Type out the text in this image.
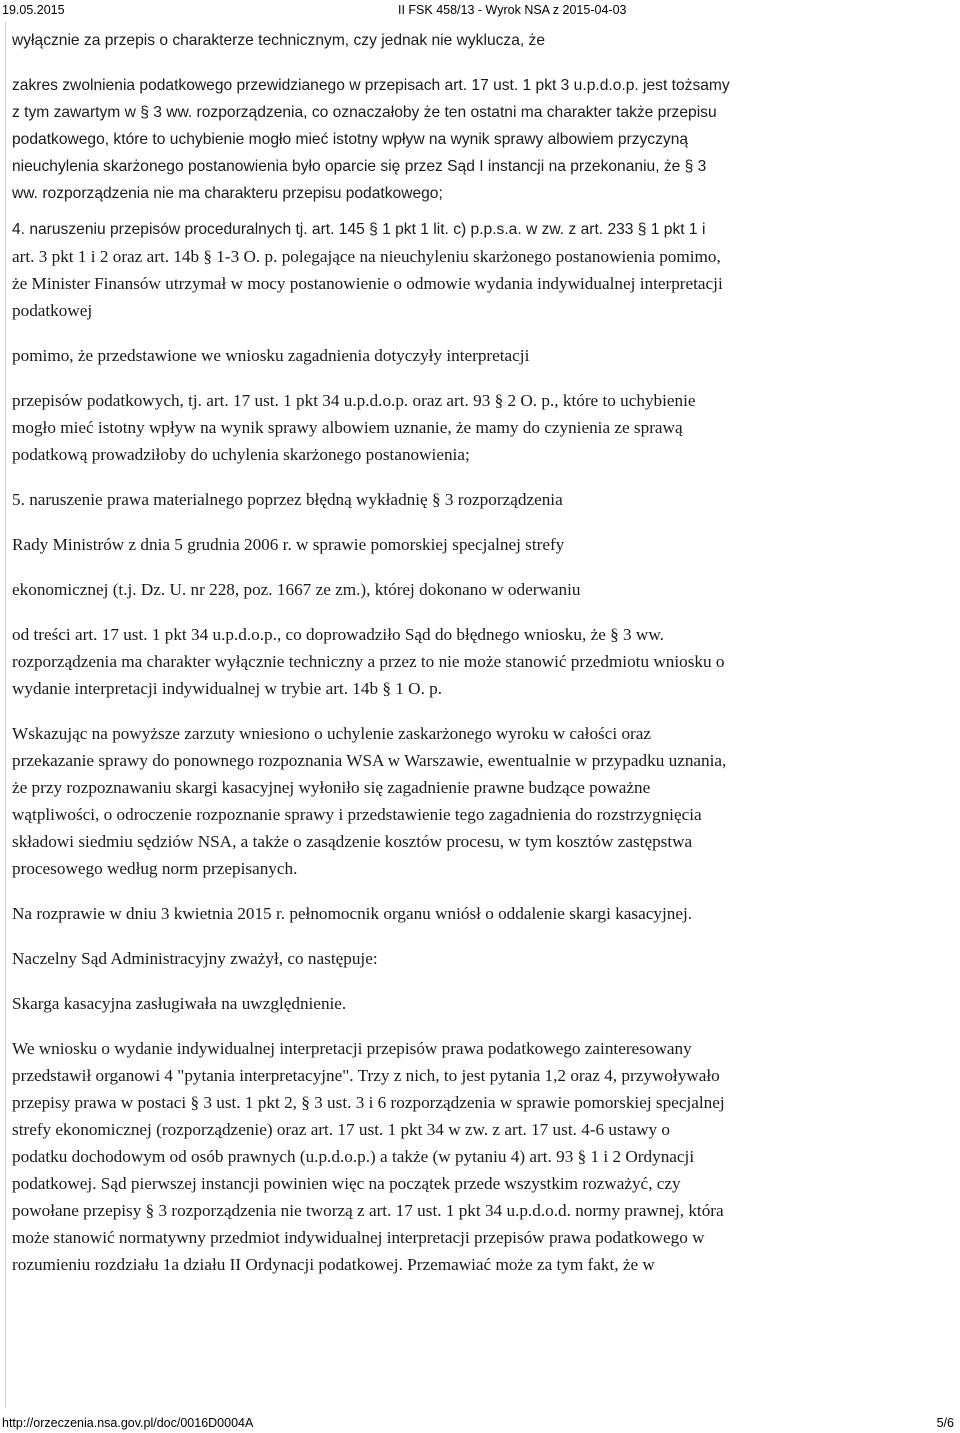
19.05.2015	II FSK 458/13 - Wyrok NSA z 2015-04-03
wyłącznie za przepis o charakterze technicznym, czy jednak nie wyklucza, że
zakres zwolnienia podatkowego przewidzianego w przepisach art. 17 ust. 1 pkt 3 u.p.d.o.p. jest tożsamy
z tym zawartym w § 3 ww. rozporządzenia, co oznaczałoby że ten ostatni ma charakter także przepisu
podatkowego, które to uchybienie mogło mieć istotny wpływ na wynik sprawy albowiem przyczyną
nieuchylenia skarżonego postanowienia było oparcie się przez Sąd I instancji na przekonaniu, że § 3
ww. rozporządzenia nie ma charakteru przepisu podatkowego;
4. naruszeniu przepisów proceduralnych tj. art. 145 § 1 pkt 1 lit. c) p.p.s.a. w zw. z art. 233 § 1 pkt 1 i
art. 3 pkt 1 i 2 oraz art. 14b § 1-3 O. p. polegające na nieuchyleniu skarżonego postanowienia pomimo,
że Minister Finansów utrzymał w mocy postanowienie o odmowie wydania indywidualnej interpretacji
podatkowej
pomimo, że przedstawione we wniosku zagadnienia dotyczyły interpretacji
przepisów podatkowych, tj. art. 17 ust. 1 pkt 34 u.p.d.o.p. oraz art. 93 § 2 O. p., które to uchybienie
mogło mieć istotny wpływ na wynik sprawy albowiem uznanie, że mamy do czynienia ze sprawą
podatkową prowadziłoby do uchylenia skarżonego postanowienia;
5. naruszenie prawa materialnego poprzez błędną wykładnię § 3 rozporządzenia
Rady Ministrów z dnia 5 grudnia 2006 r. w sprawie pomorskiej specjalnej strefy
ekonomicznej (t.j. Dz. U. nr 228, poz. 1667 ze zm.), której dokonano w oderwaniu
od treści art. 17 ust. 1 pkt 34 u.p.d.o.p., co doprowadziło Sąd do błędnego wniosku, że § 3 ww.
rozporządzenia ma charakter wyłącznie techniczny a przez to nie może stanowić przedmiotu wniosku o
wydanie interpretacji indywidualnej w trybie art. 14b § 1 O. p.
Wskazując na powyższe zarzuty wniesiono o uchylenie zaskarżonego wyroku w całości oraz
przekazanie sprawy do ponownego rozpoznania WSA w Warszawie, ewentualnie w przypadku uznania,
że przy rozpoznawaniu skargi kasacyjnej wyłoniło się zagadnienie prawne budzące poważne
wątpliwości, o odroczenie rozpoznanie sprawy i przedstawienie tego zagadnienia do rozstrzygnięcia
składowi siedmiu sędziów NSA, a także o zasądzenie kosztów procesu, w tym kosztów zastępstwa
procesowego według norm przepisanych.
Na rozprawie w dniu 3 kwietnia 2015 r. pełnomocnik organu wniósł o oddalenie skargi kasacyjnej.
Naczelny Sąd Administracyjny zważył, co następuje:
Skarga kasacyjna zasługiwała na uwzględnienie.
We wniosku o wydanie indywidualnej interpretacji przepisów prawa podatkowego zainteresowany
przedstawił organowi 4 "pytania interpretacyjne". Trzy z nich, to jest pytania 1,2 oraz 4, przywoływało
przepisy prawa w postaci § 3 ust. 1 pkt 2, § 3 ust. 3 i 6 rozporządzenia w sprawie pomorskiej specjalnej
strefy ekonomicznej (rozporządzenie) oraz art. 17 ust. 1 pkt 34 w zw. z art. 17 ust. 4-6 ustawy o
podatku dochodowym od osób prawnych (u.p.d.o.p.) a także (w pytaniu 4) art. 93 § 1 i 2 Ordynacji
podatkowej. Sąd pierwszej instancji powinien więc na początek przede wszystkim rozważyć, czy
powołane przepisy § 3 rozporządzenia nie tworzą z art. 17 ust. 1 pkt 34 u.p.d.o.d. normy prawnej, która
może stanowić normatywny przedmiot indywidualnej interpretacji przepisów prawa podatkowego w
rozumieniu rozdziału 1a działu II Ordynacji podatkowej. Przemawiać może za tym fakt, że w
http://orzeczenia.nsa.gov.pl/doc/0016D0004A	5/6
